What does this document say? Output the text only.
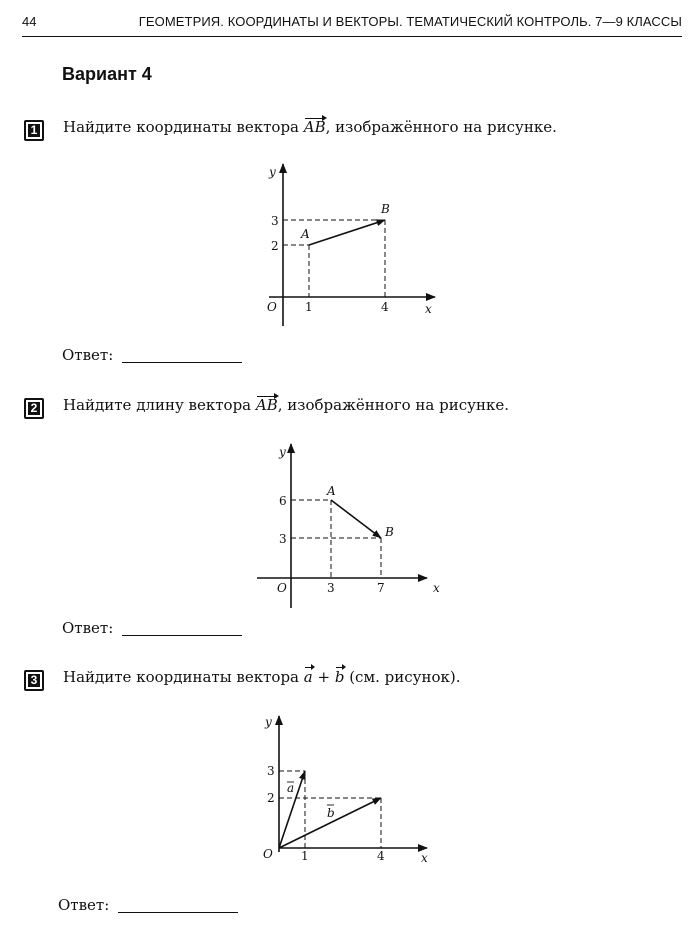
44	ГЕОМЕТРИЯ. КООРДИНАТЫ И ВЕКТОРЫ. ТЕМАТИЧЕСКИЙ КОНТРОЛЬ. 7—9 КЛАССЫ
Вариант 4
1 Найдите координаты вектора AB, изображённого на рисунке.
y
x
O 1	4
2
3
A
B
Ответ:
2 Найдите длину вектора AB, изображённого на рисунке.
y
x
O	3	7
6
3
A
B
Ответ:
3 Найдите координаты вектора a + b (см. рисунок).
y
x
O 1	4
3
2
a
b
Ответ:
